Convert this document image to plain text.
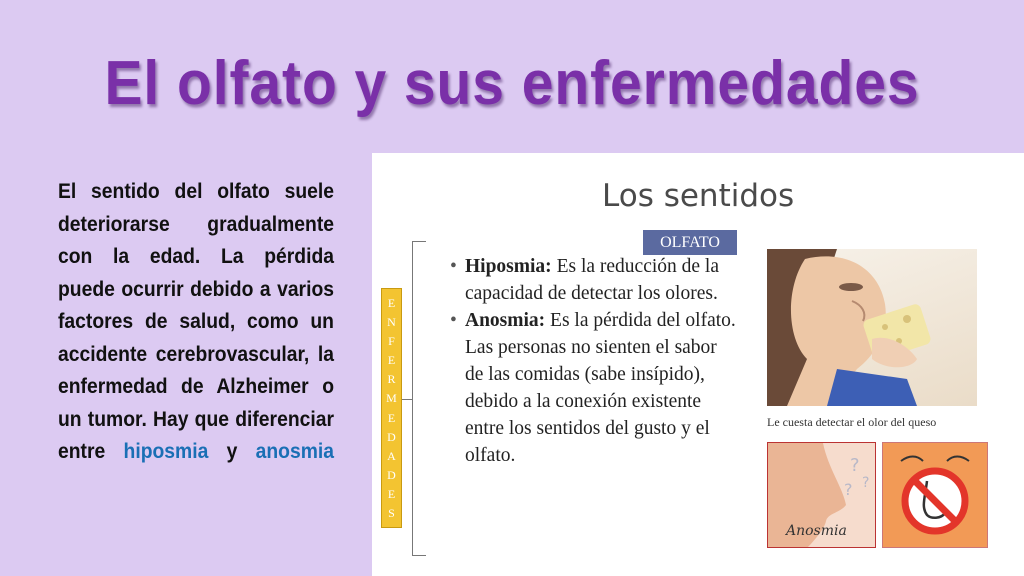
El olfato y sus enfermedades
El sentido del olfato suele deteriorarse gradualmente con la edad. La pérdida puede ocurrir debido a varios factores de salud, como un accidente cerebrovascular, la enfermedad de Alzheimer o un tumor. Hay que diferenciar entre hiposmia y anosmia
Los sentidos
OLFATO
E
N
F
E
R
M
E
D
A
D
E
S
• Hiposmia: Es la reducción de la capacidad de detectar los olores.
• Anosmia: Es la pérdida del olfato. Las personas no sienten el sabor de las comidas (sabe insípido), debido a la conexión existente entre los sentidos del gusto y el olfato.
Le cuesta detectar el olor del queso
?
?
?
Anosmia
